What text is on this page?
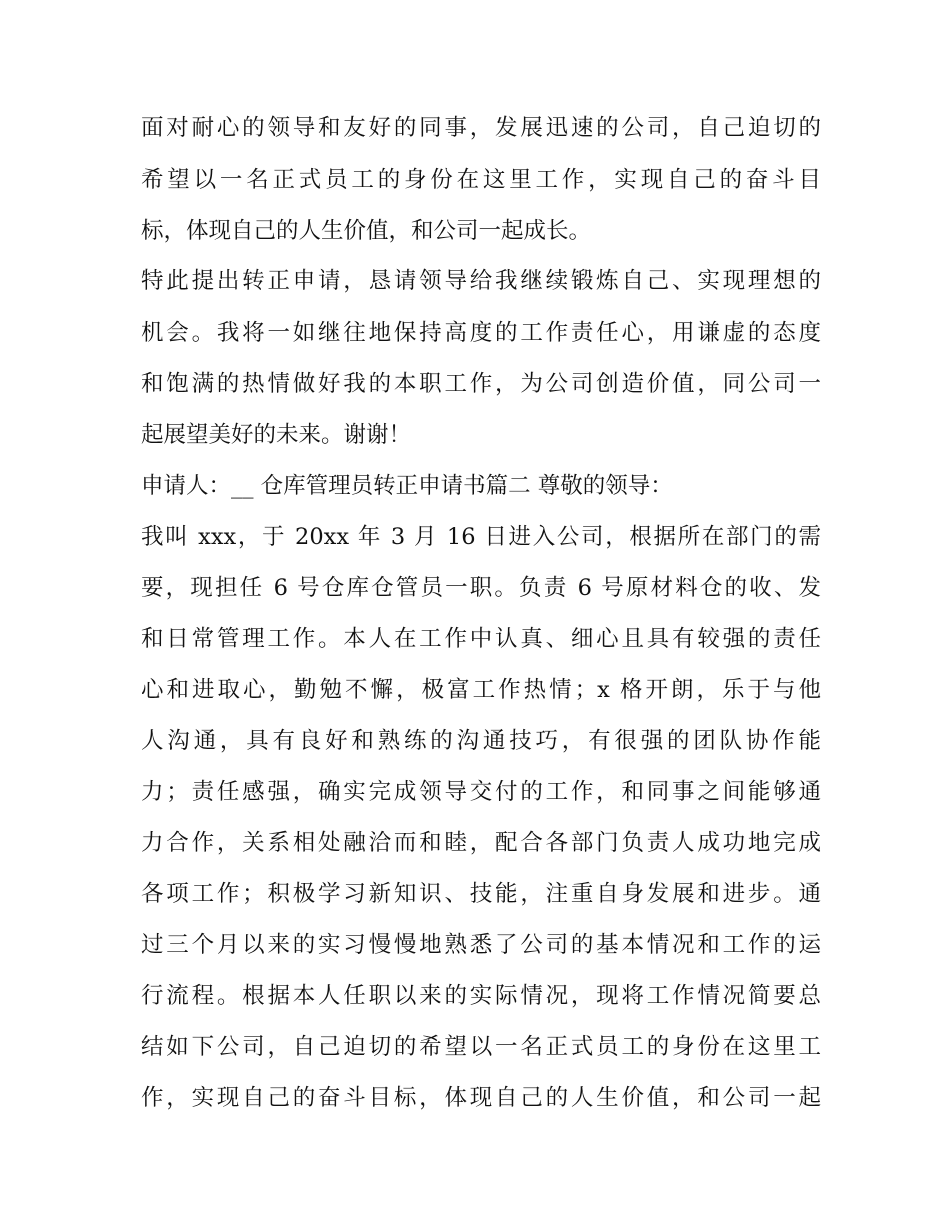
面对耐心的领导和友好的同事，发展迅速的公司，自己迫切的

希望以一名正式员工的身份在这里工作，实现自己的奋斗目

标，体现自己的人生价值，和公司一起成长。

特此提出转正申请，恳请领导给我继续锻炼自己、实现理想的

机会。我将一如继往地保持高度的工作责任心，用谦虚的态度

和饱满的热情做好我的本职工作，为公司创造价值，同公司一

起展望美好的未来。谢谢！

申请人：__ 仓库管理员转正申请书篇二 尊敬的领导：

我叫 xxx，于 20xx 年 3 月 16 日进入公司，根据所在部门的需

要，现担任 6 号仓库仓管员一职。负责 6 号原材料仓的收、发

和日常管理工作。本人在工作中认真、细心且具有较强的责任

心和进取心，勤勉不懈，极富工作热情；x 格开朗，乐于与他

人沟通，具有良好和熟练的沟通技巧，有很强的团队协作能

力；责任感强，确实完成领导交付的工作，和同事之间能够通

力合作，关系相处融洽而和睦，配合各部门负责人成功地完成

各项工作；积极学习新知识、技能，注重自身发展和进步。通

过三个月以来的实习慢慢地熟悉了公司的基本情况和工作的运

行流程。根据本人任职以来的实际情况，现将工作情况简要总

结如下公司，自己迫切的希望以一名正式员工的身份在这里工

作，实现自己的奋斗目标，体现自己的人生价值，和公司一起
